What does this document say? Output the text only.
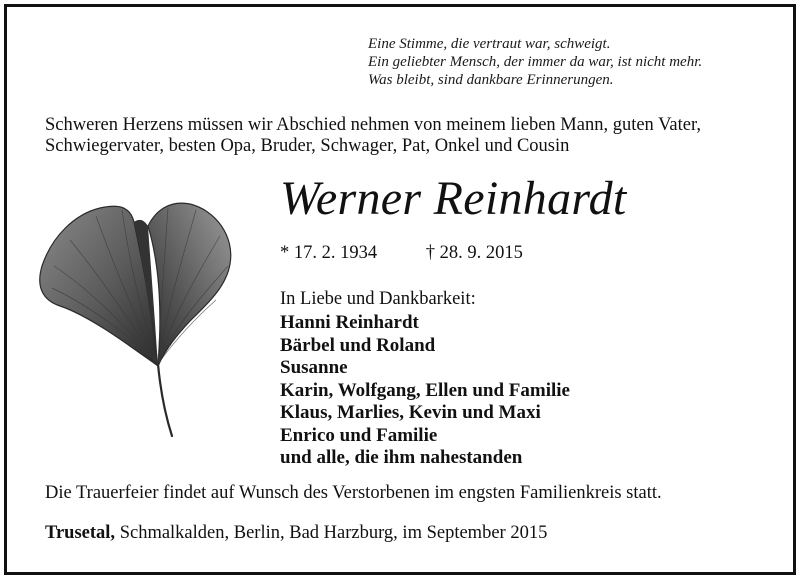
Eine Stimme, die vertraut war, schweigt.
Ein geliebter Mensch, der immer da war, ist nicht mehr.
Was bleibt, sind dankbare Erinnerungen.

Schweren Herzens müssen wir Abschied nehmen von meinem lieben Mann, guten Vater, Schwiegervater, besten Opa, Bruder, Schwager, Pat, Onkel und Cousin

Werner Reinhardt
* 17. 2. 1934	† 28. 9. 2015
In Liebe und Dankbarkeit:
Hanni Reinhardt
Bärbel und Roland
Susanne
Karin, Wolfgang, Ellen und Familie
Klaus, Marlies, Kevin und Maxi
Enrico und Familie
und alle, die ihm nahestanden
Die Trauerfeier findet auf Wunsch des Verstorbenen im engsten Familienkreis statt.
Trusetal, Schmalkalden, Berlin, Bad Harzburg, im September 2015
